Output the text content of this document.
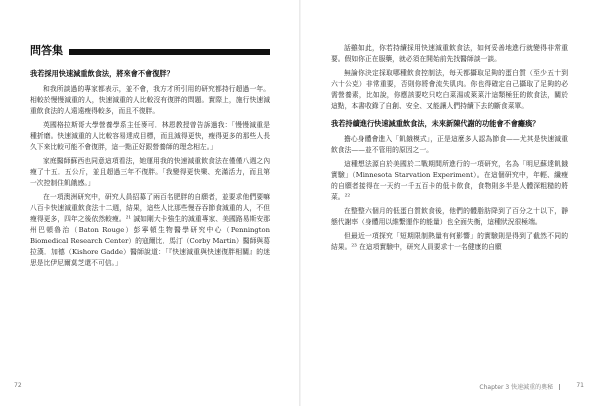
問答集
我若採用快速減重飲食法，將來會不會復胖？

和我所談過的專家都表示，並不會，我方才所引用的研究都持行超過一年。相較於慢慢減重的人，快速減重的人比較沒有復胖的問題。實際上，施行快速減重飲食法的人遠遠瘦得較多，而且不復胖。

英國格拉斯哥大學營養學系主任麥可．林恩教授曾告訴過我：「慢慢減重是種折磨。快速減重的人比較容易達成目標，而且減得更快，瘦得更多的那些人長久下來比較可能不會復胖，這一點正好跟營養師的理念相左。」

家庭醫師蘇西也同意這項看法，她運用我的快速減重飲食法在僅僅八週之內瘦了十五．五公斤，並且超過三年不復胖。「我變得更快樂、充滿活力，而且第一次控制住飢餓感。」

在一項澳洲研究中，研究人員招募了兩百名肥胖的自願者，並要求他們要嘛八百卡快速減重飲食法十二週，結果，這些人比那些慢吞吞節食減重的人，不但瘦得更多，四年之後依然較瘦。²¹ 誠如剛大卡強生的減重專家、美國路易斯安那州巴頓魯治（Baton Rouge）彭寧頓生物醫學研究中心（Pennington Biomedical Research Center）的寇爾比．馬汀（Corby Martin）醫師與葛拉漢．加德（Kishore Gadde）醫師說道：「『快速減重與快速復胖相關』的迷思是比伊尼爾莫芝還不可信。」

72

話雖如此，你若持續採用快速減重飲食法，如何妥善地進行就變得非常重要。假如你正在服藥，就必須在開始前先找醫師談一談。

無論你決定採取哪種飲食控制法，每天都攝取足夠的蛋白質（至少五十到六十公克）非常重要，否則你將會流失肌肉。你也得確定自己攝取了足夠的必需營養素，比如說，你應該要吃只吃白菜湯或萊菜汁這類極狂的飲食法，關於這點，本書收錄了自創、安全、又能讓人們持續下去的斷食菜單。

我若持續進行快速減重飲食法，未來新陳代謝的功能會不會癱瘓？

擔心身體會進入「飢餓模式」，正是這麼多人認為節食——尤其是快速減重飲食法——並不管用的原因之一。

這種想法源自於美國於二戰期間所進行的一項研究，名為「明尼蘇達飢餓實驗」（Minnesota Starvation Experiment）。在這個研究中，年輕、纖瘦的自願者接得在一天約一千五百卡的低卡飲食，食物則多半是人體深粗糙的將菜。²²

在整整六個月的低蛋白質飲食後，他們的體脂肪降到了百分之十以下，靜態代謝率（身體用以維繫運作的能量）也全面失衡，這種狀況很極端。

但最近一項探究「短期限制熱量有何影響」的實驗則是得到了截然不同的結果。²³ 在這項實驗中，研究人員要求十一名健康的自願

Chapter 3 快速減重的奧秘	71
